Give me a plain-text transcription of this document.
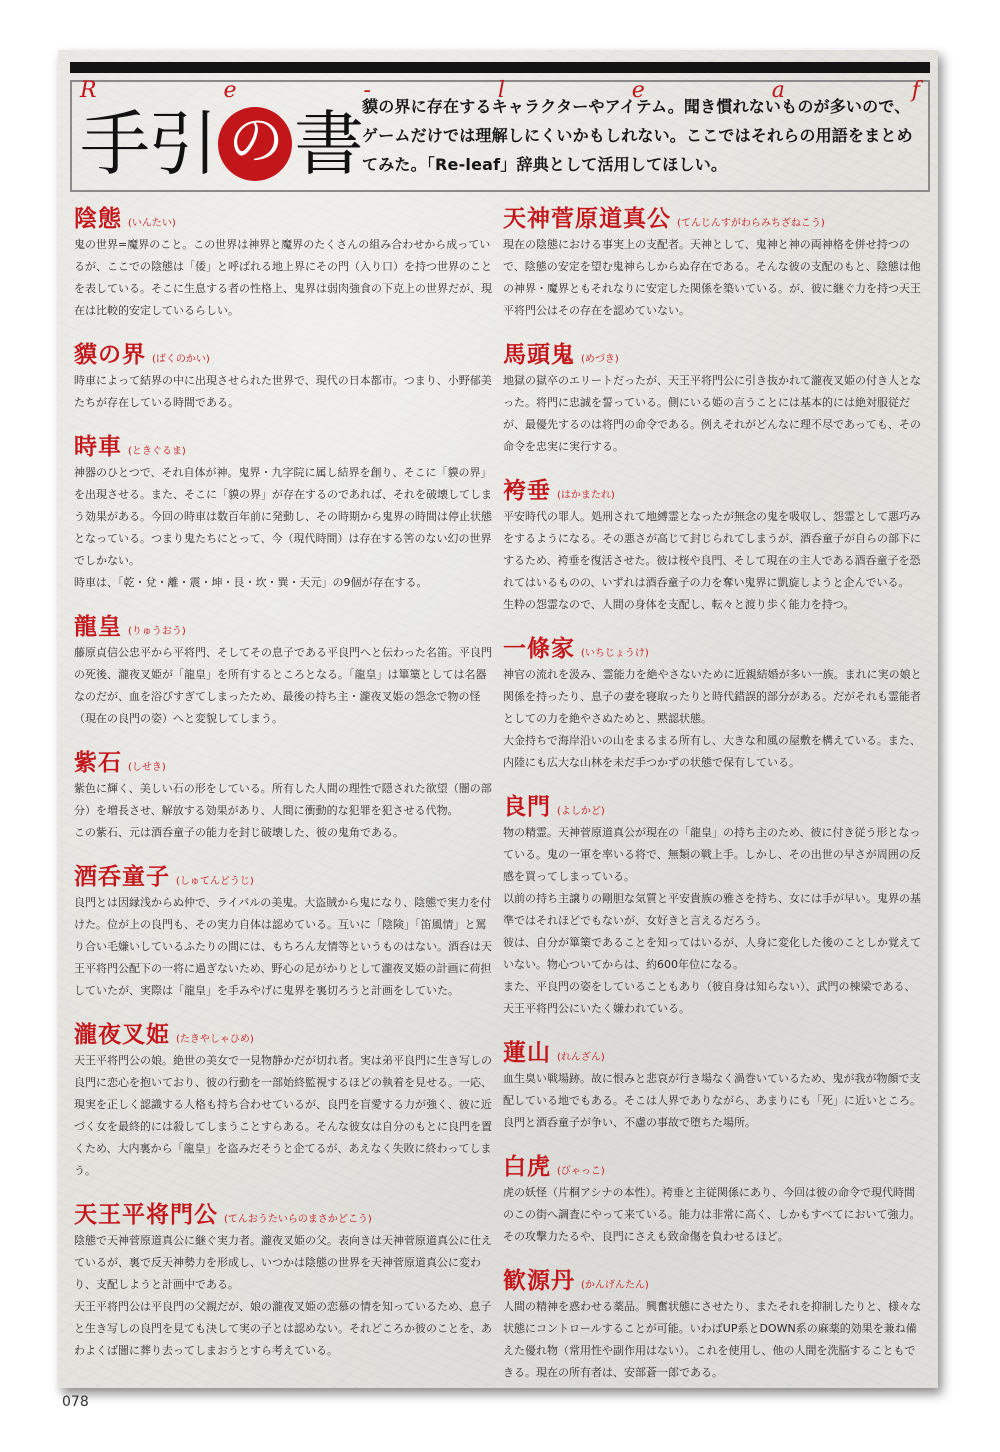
R	e	-	l	e	a	f
手引 の 書 貘の界に存在するキャラクターやアイテム。聞き慣れないものが多いので、ゲームだけでは理解しにくいかもしれない。ここではそれらの用語をまとめてみた。「Re-leaf」辞典として活用してほしい。
陰態 (いんたい)

鬼の世界=魔界のこと。この世界は神界と魔界のたくさんの組み合わせから成っているが、ここでの陰態は「倭」と呼ばれる地上界にその門（入り口）を持つ世界のことを表している。そこに生息する者の性格上、鬼界は弱肉強食の下克上の世界だが、現在は比較的安定しているらしい。

貘の界 (ばくのかい)

時車によって結界の中に出現させられた世界で、現代の日本都市。つまり、小野郁美たちが存在している時間である。

時車 (ときぐるま)

神器のひとつで、それ自体が神。鬼界・九字院に属し結界を創り、そこに「貘の界」を出現させる。また、そこに「貘の界」が存在するのであれば、それを破壊してしまう効果がある。今回の時車は数百年前に発動し、その時期から鬼界の時間は停止状態となっている。つまり鬼たちにとって、今（現代時間）は存在する筈のない幻の世界でしかない。

時車は、「乾・兌・離・震・坤・艮・坎・巽・天元」の9個が存在する。

龍皇 (りゅうおう)

藤原貞信公忠平から平将門、そしてその息子である平良門へと伝わった名笛。平良門の死後、瀧夜叉姫が「龍皇」を所有するところとなる。「龍皇」は篳篥としては名器なのだが、血を浴びすぎてしまったため、最後の持ち主・瀧夜叉姫の怨念で物の怪（現在の良門の姿）へと変貌してしまう。

紫石 (しせき)

紫色に輝く、美しい石の形をしている。所有した人間の理性で隠された欲望（闇の部分）を増長させ、解放する効果があり、人間に衝動的な犯罪を犯させる代物。

この紫石、元は酒呑童子の能力を封じ破壊した、彼の鬼角である。

酒呑童子 (しゅてんどうじ)

良門とは因縁浅からぬ仲で、ライバルの美鬼。大盗賊から鬼になり、陰態で実力を付けた。位が上の良門も、その実力自体は認めている。互いに「陰険」「笛風情」と罵り合い毛嫌いしているふたりの間には、もちろん友情等というものはない。酒呑は天王平将門公配下の一将に過ぎないため、野心の足がかりとして瀧夜叉姫の計画に荷担していたが、実際は「龍皇」を手みやげに鬼界を裏切ろうと計画をしていた。

瀧夜叉姫 (たきやしゃひめ)

天王平将門公の娘。絶世の美女で一見物静かだが切れ者。実は弟平良門に生き写しの良門に恋心を抱いており、彼の行動を一部始終監視するほどの執着を見せる。一応、現実を正しく認識する人格も持ち合わせているが、良門を盲愛する力が強く、彼に近づく女を最終的には殺してしまうことすらある。そんな彼女は自分のもとに良門を置くため、大内裏から「龍皇」を盗みだそうと企てるが、あえなく失敗に終わってしまう。

天王平将門公 (てんおうたいらのまさかどこう)

陰態で天神菅原道真公に継ぐ実力者。瀧夜叉姫の父。表向きは天神菅原道真公に仕えているが、裏で反天神勢力を形成し、いつかは陰態の世界を天神菅原道真公に変わり、支配しようと計画中である。

天王平将門公は平良門の父親だが、娘の瀧夜叉姫の恋慕の情を知っているため、息子と生き写しの良門を見ても決して実の子とは認めない。それどころか彼のことを、あわよくば闇に葬り去ってしまおうとすら考えている。

天神菅原道真公 (てんじんすがわらみちざねこう)

現在の陰態における事実上の支配者。天神として、鬼神と神の両神格を併せ持つので、陰態の安定を望む鬼神らしからぬ存在である。そんな彼の支配のもと、陰態は他の神界・魔界ともそれなりに安定した関係を築いている。が、彼に継ぐ力を持つ天王平将門公はその存在を認めていない。

馬頭鬼 (めづき)

地獄の獄卒のエリートだったが、天王平将門公に引き抜かれて瀧夜叉姫の付き人となった。将門に忠誠を誓っている。側にいる姫の言うことには基本的には絶対服従だが、最優先するのは将門の命令である。例えそれがどんなに理不尽であっても、その命令を忠実に実行する。

袴垂 (はかまたれ)

平安時代の罪人。処刑されて地縛霊となったが無念の鬼を吸収し、怨霊として悪巧みをするようになる。その悪さが高じて封じられてしまうが、酒呑童子が自らの部下にするため、袴垂を復活させた。彼は桜や良門、そして現在の主人である酒呑童子を恐れてはいるものの、いずれは酒呑童子の力を奪い鬼界に凱旋しようと企んでいる。

生粋の怨霊なので、人間の身体を支配し、転々と渡り歩く能力を持つ。

一條家 (いちじょうけ)

神官の流れを汲み、霊能力を絶やさないために近親結婚が多い一族。まれに実の娘と関係を持ったり、息子の妻を寝取ったりと時代錯誤的部分がある。だがそれも霊能者としての力を絶やさぬためと、黙認状態。

大金持ちで海岸沿いの山をまるまる所有し、大きな和風の屋敷を構えている。また、内陸にも広大な山林を未だ手つかずの状態で保有している。

良門 (よしかど)

物の精霊。天神菅原道真公が現在の「龍皇」の持ち主のため、彼に付き従う形となっている。鬼の一軍を率いる将で、無類の戦上手。しかし、その出世の早さが周囲の反感を買ってしまっている。

以前の持ち主譲りの剛胆な気質と平安貴族の雅さを持ち、女には手が早い。鬼界の基準ではそれほどでもないが、女好きと言えるだろう。

彼は、自分が篳篥であることを知ってはいるが、人身に変化した後のことしか覚えていない。物心ついてからは、約600年位になる。

また、平良門の姿をしていることもあり（彼自身は知らない）、武門の棟梁である、天王平将門公にいたく嫌われている。

蓮山 (れんざん)

血生臭い戦場跡。故に恨みと悲哀が行き場なく渦巻いているため、鬼が我が物顔で支配している地でもある。そこは人界でありながら、あまりにも「死」に近いところ。良門と酒呑童子が争い、不慮の事故で堕ちた場所。

白虎 (びゃっこ)

虎の妖怪（片桐アシナの本性）。袴垂と主従関係にあり、今回は彼の命令で現代時間のこの街へ調査にやって来ている。能力は非常に高く、しかもすべてにおいて強力。その攻撃力たるや、良門にさえも致命傷を負わせるほど。

歓源丹 (かんげんたん)

人間の精神を惑わせる薬品。興奮状態にさせたり、またそれを抑制したりと、様々な状態にコントロールすることが可能。いわばUP系とDOWN系の麻薬的効果を兼ね備えた優れ物（常用性や副作用はない）。これを使用し、他の人間を洗脳することもできる。現在の所有者は、安部蒼一郎である。

078
